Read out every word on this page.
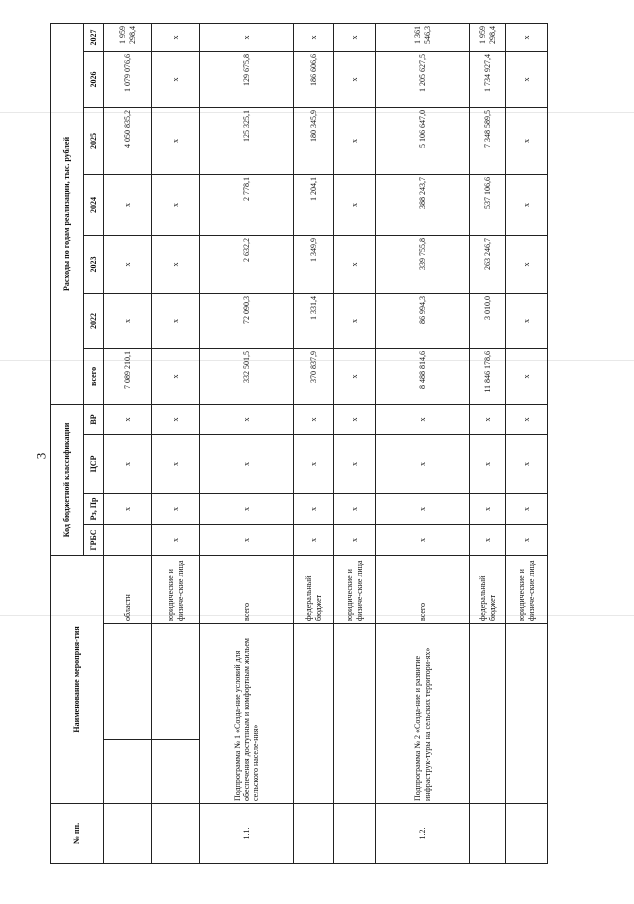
3
№ пп.	Наименование мероприя-тия			Код бюджетной классификации				Расходы по годам реализации, тыс. рублей						
				ГРБС	Рз, Пр	ЦСР	ВР	всего	2022	2023	2024	2025	2026	2027
			областн		х	х	х	7 089 210,1	х	х	х	4 050 835,2	1 079 076,6	1 959 298,4
			юридические и физиче-ские лица	х	х	х	х	х	х	х	х	х	х	х
1.1.	Подпрограмма № 1 «Созда-ние условий для обеспечения доступным и комфортным жильем сельского населе-ния»		всего	х	х	х	х	332 501,5	72 090,3	2 632,2	2 778,1	125 325,1	129 675,8	х
			федеральный бюджет	х	х	х	х	370 837,9	1 331,4	1 349,9	1 204,1	180 345,9	186 606,6	х
			юридические и физиче-ские лица	х	х	х	х	х	х	х	х	х	х	х
1.2.	Подпрограмма № 2 «Созда-ние и развитие инфраструк-туры на сельских территори-ях»		всего	х	х	х	х	8 488 814,6	86 994,3	339 755,8	388 243,7	5 106 647,0	1 205 627,5	1 361 546,3
			федеральный бюджет	х	х	х	х	11 846 178,6	3 010,0	263 246,7	537 106,6	7 348 589,5	1 734 927,4	1 959 298,4
			юридические и физиче-ские лица	х	х	х	х	х	х	х	х	х	х	х
